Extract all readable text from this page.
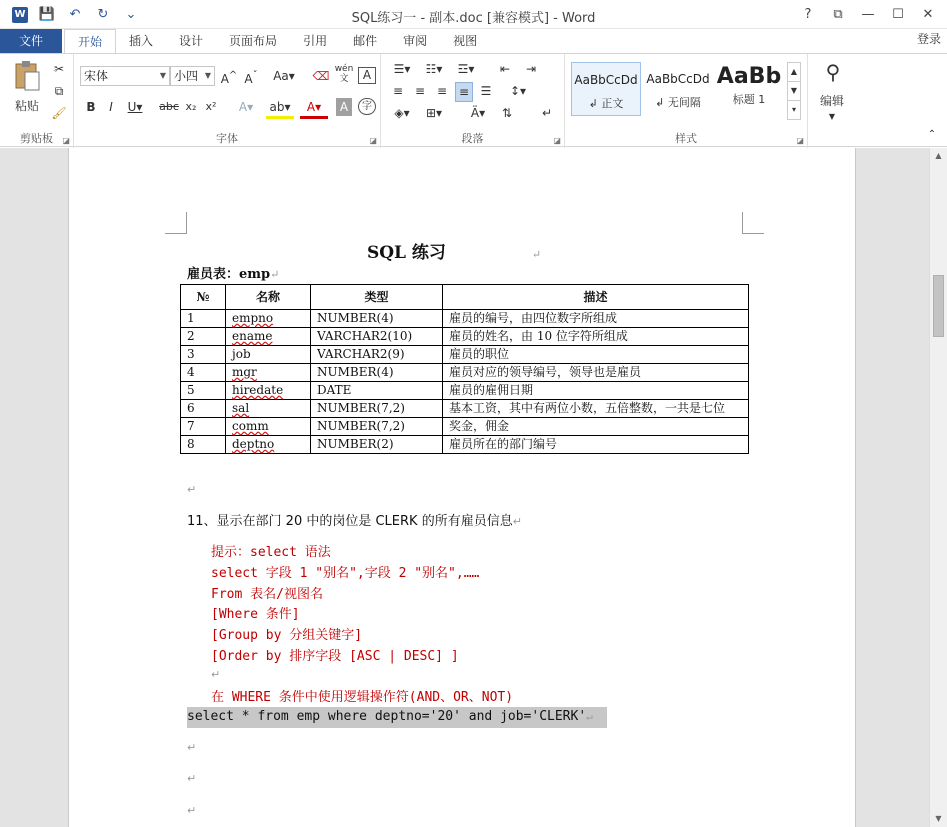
W 💾	↶	↻	⌄	SQL练习一 - 副本.doc [兼容模式] - Word	?	⧉	—	☐	✕
文件	开始	插入	设计	页面布局	引用	邮件	审阅	视图	登录
粘贴
✂
⧉
🖌
剪贴板	◪
宋体	▼ 小四 ▼ A^ $A^ˇ$ Aa▾ ⌫ wén 文	A
B	I	U▾	abc x₂ x²	A▾	ab▾	A▾	A	字
字体	◪
☰▾	☷▾	☲▾	⇤	⇥
≡ ≡ ≡ ≡ ☰	↕▾
◈▾	⊞▾	Ä▾	⇅	↵
段落	◪
AaBbCcDd
↲ 正文
AaBbCcDd
↲ 无间隔
AaBb
标题 1
▲
▼
▾
样式	◪
⚲
编辑
▼
⌃
SQL 练习	↵
雇员表：emp↵
№	名称	类型	描述
1	empno	NUMBER(4)	雇员的编号，由四位数字所组成
2	ename	VARCHAR2(10)	雇员的姓名，由 10 位字符所组成
3	job	VARCHAR2(9)	雇员的职位
4	mgr	NUMBER(4)	雇员对应的领导编号，领导也是雇员
5	hiredate	DATE	雇员的雇佣日期
6	sal	NUMBER(7,2)	基本工资，其中有两位小数，五倍整数，一共是七位
7	comm	NUMBER(7,2)	奖金，佣金
8	deptno	NUMBER(2)	雇员所在的部门编号
↵
11、显示在部门 20 中的岗位是 CLERK 的所有雇员信息↵
提示：select 语法
select 字段 1 "别名",字段 2 "别名",……
From 表名/视图名
[Where 条件]
[Group by 分组关键字]
[Order by 排序字段 [ASC | DESC] ]
↵
在 WHERE 条件中使用逻辑操作符(AND、OR、NOT)
select * from emp where deptno='20' and job='CLERK'↵
↵
↵
↵
▲
▼
